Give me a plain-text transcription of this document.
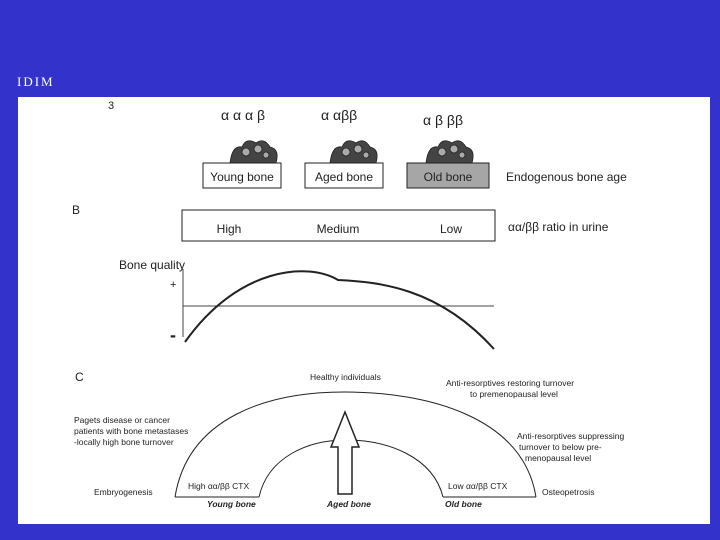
IDIM
3
α α α β	α αββ	α β ββ
Young bone	Aged bone	Old bone	Endogenous bone age
B
High	Medium	Low	αα/ββ ratio in urine
Bone quality
+
-
C	Healthy individuals
Anti-resorptives restoring turnover
to premenopausal level
Pagets disease or cancer
patients with bone metastases
-locally high bone turnover
Anti-resorptives suppressing
turnover to below pre-
menopausal level
High αα/ββ CTX	Low αα/ββ CTX
Embryogenesis	Osteopetrosis
Young bone	Aged bone	Old bone
